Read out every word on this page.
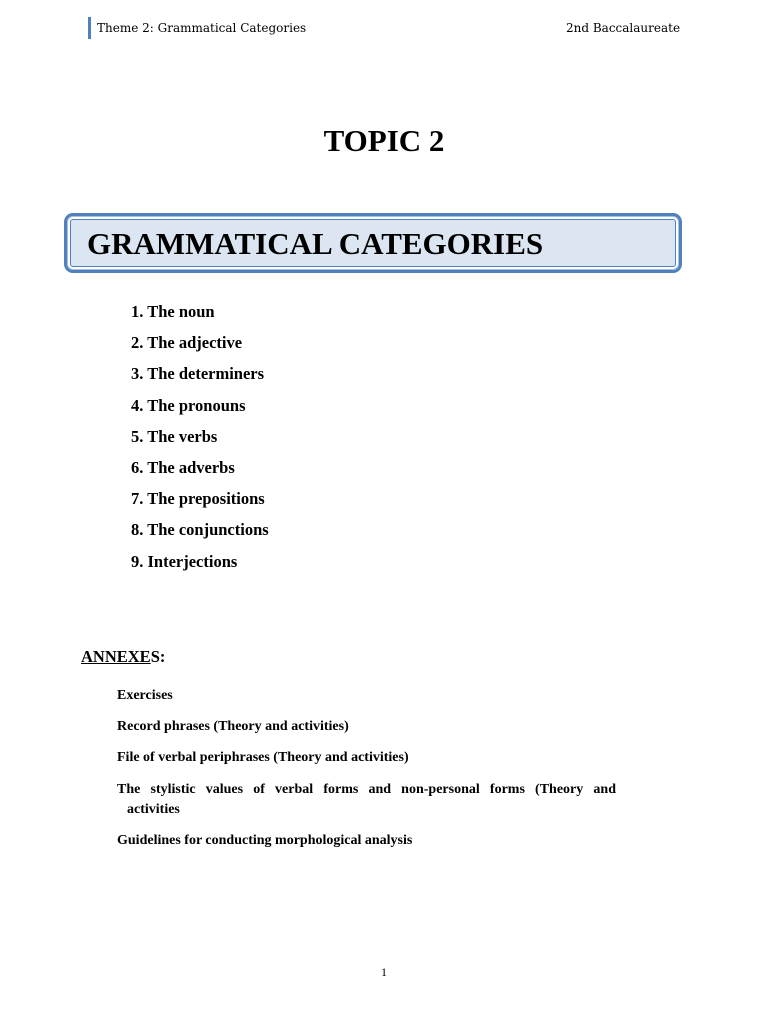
Theme 2: Grammatical Categories	2nd Baccalaureate
TOPIC 2
GRAMMATICAL CATEGORIES
1. The noun
2. The adjective
3. The determiners
4. The pronouns
5. The verbs
6. The adverbs
7. The prepositions
8. The conjunctions
9. Interjections
ANNEXES:
Exercises
Record phrases (Theory and activities)
File of verbal periphrases (Theory and activities)
The stylistic values of verbal forms and non-personal forms (Theory and
activities
Guidelines for conducting morphological analysis
1
